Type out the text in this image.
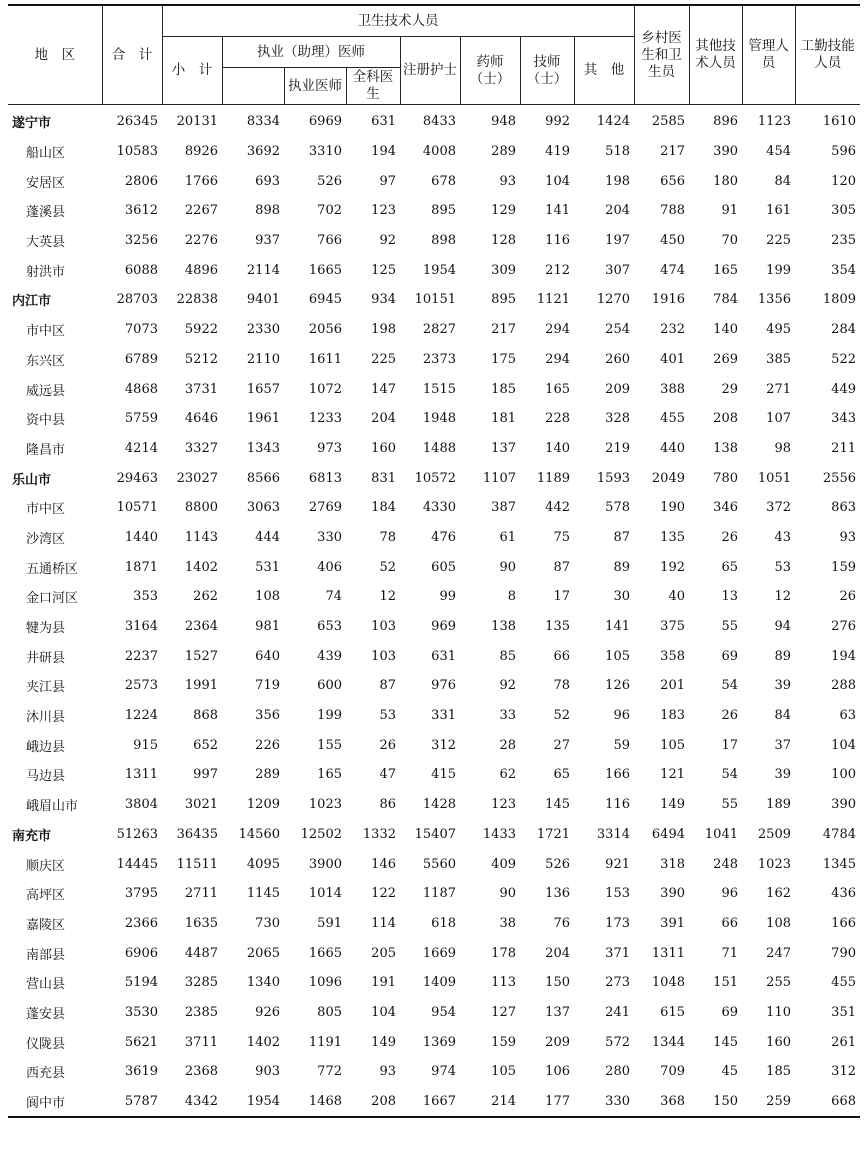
地　区	合　计	卫生技术人员								乡村医生和卫生员	其他技术人员	管理人员	工勤技能人员
		小　计	执业（助理）医师			注册护士	药师（士）	技师（士）	其　他				
				执业医师	全科医生								
遂宁市	26345	20131	8334	6969	631	8433	948	992	1424	2585	896	1123	1610
船山区	10583	8926	3692	3310	194	4008	289	419	518	217	390	454	596
安居区	2806	1766	693	526	97	678	93	104	198	656	180	84	120
蓬溪县	3612	2267	898	702	123	895	129	141	204	788	91	161	305
大英县	3256	2276	937	766	92	898	128	116	197	450	70	225	235
射洪市	6088	4896	2114	1665	125	1954	309	212	307	474	165	199	354
内江市	28703	22838	9401	6945	934	10151	895	1121	1270	1916	784	1356	1809
市中区	7073	5922	2330	2056	198	2827	217	294	254	232	140	495	284
东兴区	6789	5212	2110	1611	225	2373	175	294	260	401	269	385	522
威远县	4868	3731	1657	1072	147	1515	185	165	209	388	29	271	449
资中县	5759	4646	1961	1233	204	1948	181	228	328	455	208	107	343
隆昌市	4214	3327	1343	973	160	1488	137	140	219	440	138	98	211
乐山市	29463	23027	8566	6813	831	10572	1107	1189	1593	2049	780	1051	2556
市中区	10571	8800	3063	2769	184	4330	387	442	578	190	346	372	863
沙湾区	1440	1143	444	330	78	476	61	75	87	135	26	43	93
五通桥区	1871	1402	531	406	52	605	90	87	89	192	65	53	159
金口河区	353	262	108	74	12	99	8	17	30	40	13	12	26
犍为县	3164	2364	981	653	103	969	138	135	141	375	55	94	276
井研县	2237	1527	640	439	103	631	85	66	105	358	69	89	194
夹江县	2573	1991	719	600	87	976	92	78	126	201	54	39	288
沐川县	1224	868	356	199	53	331	33	52	96	183	26	84	63
峨边县	915	652	226	155	26	312	28	27	59	105	17	37	104
马边县	1311	997	289	165	47	415	62	65	166	121	54	39	100
峨眉山市	3804	3021	1209	1023	86	1428	123	145	116	149	55	189	390
南充市	51263	36435	14560	12502	1332	15407	1433	1721	3314	6494	1041	2509	4784
顺庆区	14445	11511	4095	3900	146	5560	409	526	921	318	248	1023	1345
高坪区	3795	2711	1145	1014	122	1187	90	136	153	390	96	162	436
嘉陵区	2366	1635	730	591	114	618	38	76	173	391	66	108	166
南部县	6906	4487	2065	1665	205	1669	178	204	371	1311	71	247	790
营山县	5194	3285	1340	1096	191	1409	113	150	273	1048	151	255	455
蓬安县	3530	2385	926	805	104	954	127	137	241	615	69	110	351
仪陇县	5621	3711	1402	1191	149	1369	159	209	572	1344	145	160	261
西充县	3619	2368	903	772	93	974	105	106	280	709	45	185	312
阆中市	5787	4342	1954	1468	208	1667	214	177	330	368	150	259	668
